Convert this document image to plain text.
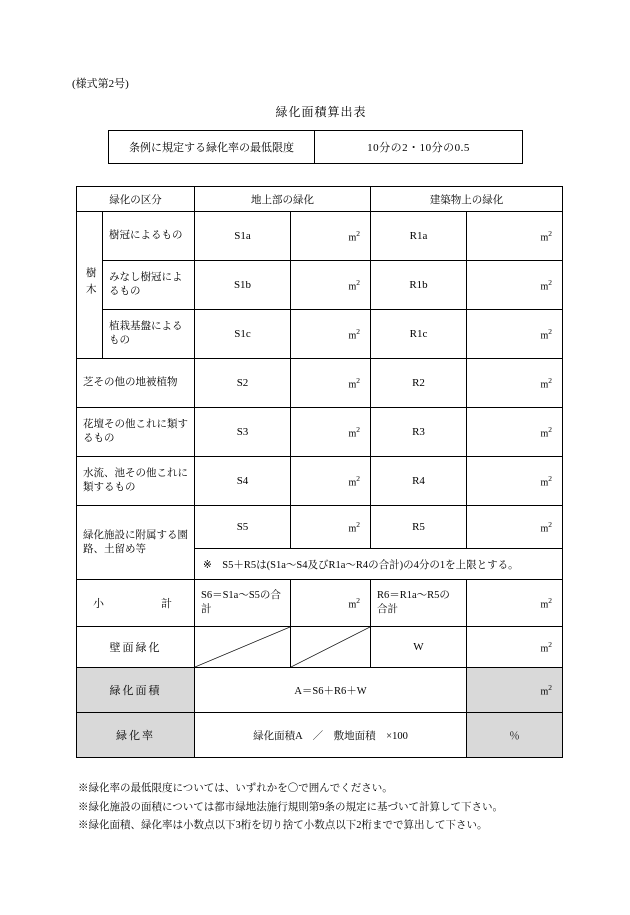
(様式第2号)
緑化面積算出表
条例に規定する緑化率の最低限度	10分の2・10分の0.5
緑化の区分		地上部の緑化		建築物上の緑化	
樹木	樹冠によるもの	S1a	$m^2$	R1a	$m^2$
	みなし樹冠によるもの	S1b	$m^2$	R1b	$m^2$
	植栽基盤によるもの	S1c	$m^2$	R1c	$m^2$
芝その他の地被植物		S2	$m^2$	R2	$m^2$
花壇その他これに類するもの		S3	$m^2$	R3	$m^2$
水流、池その他これに類するもの		S4	$m^2$	R4	$m^2$
緑化施設に附属する園路、土留め等		S5	$m^2$	R5	$m^2$
		※　S5＋R5は(S1a〜S4及びR1a〜R4の合計)の4分の1を上限とする。			
小　　　計		S6＝S1a〜S5の合計	$m^2$	R6＝R1a〜R5の合計	$m^2$
壁面緑化				W	$m^2$
緑化面積		A＝S6＋R6＋W			$m^2$
緑化率		緑化面積A　／　敷地面積　×100			％
※緑化率の最低限度については、いずれかを〇で囲んでください。
※緑化施設の面積については都市緑地法施行規則第9条の規定に基づいて計算して下さい。
※緑化面積、緑化率は小数点以下3桁を切り捨て小数点以下2桁までで算出して下さい。
